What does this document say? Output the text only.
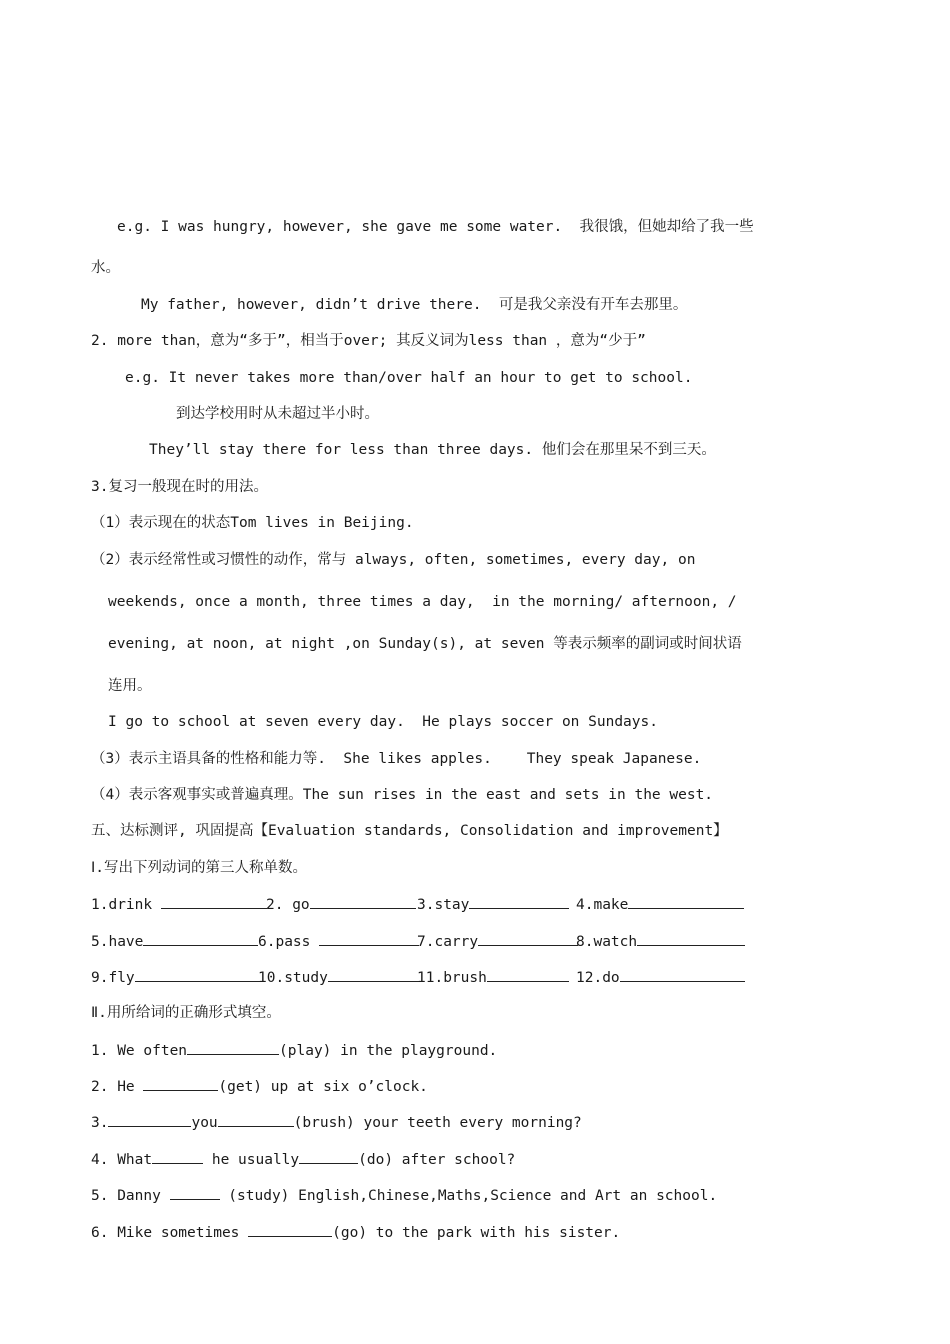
e.g. I was hungry, however, she gave me some water.  我很饿，但她却给了我一些
水。
My father, however, didn’t drive there.  可是我父亲没有开车去那里。
2. more than，意为“多于”，相当于over; 其反义词为less than ，意为“少于”
e.g. It never takes more than/over half an hour to get to school.
到达学校用时从未超过半小时。
They’ll stay there for less than three days. 他们会在那里呆不到三天。
3.复习一般现在时的用法。
（1）表示现在的状态Tom lives in Beijing.
（2）表示经常性或习惯性的动作，常与 always, often, sometimes, every day, on
weekends, once a month, three times a day,  in the morning/ afternoon, /
evening, at noon, at night ,on Sunday(s), at seven 等表示频率的副词或时间状语
连用。
I go to school at seven every day.  He plays soccer on Sundays.
（3）表示主语具备的性格和能力等.  She likes apples.    They speak Japanese.
（4）表示客观事实或普遍真理。The sun rises in the east and sets in the west.
五、达标测评, 巩固提高【Evaluation standards, Consolidation and improvement】
Ⅰ.写出下列动词的第三人称单数。
1.drink	2. go	3.stay	4.make
5.have	6.pass	7.carry	8.watch
9.fly	10.study	11.brush	12.do
Ⅱ.用所给词的正确形式填空。
1. We often	(play) in the playground.
2. He	(get) up at six o’clock.
3.	you	(brush) your teeth every morning?
4. What	he usually	(do) after school?
5. Danny	(study) English,Chinese,Maths,Science and Art an school.
6. Mike sometimes	(go) to the park with his sister.
